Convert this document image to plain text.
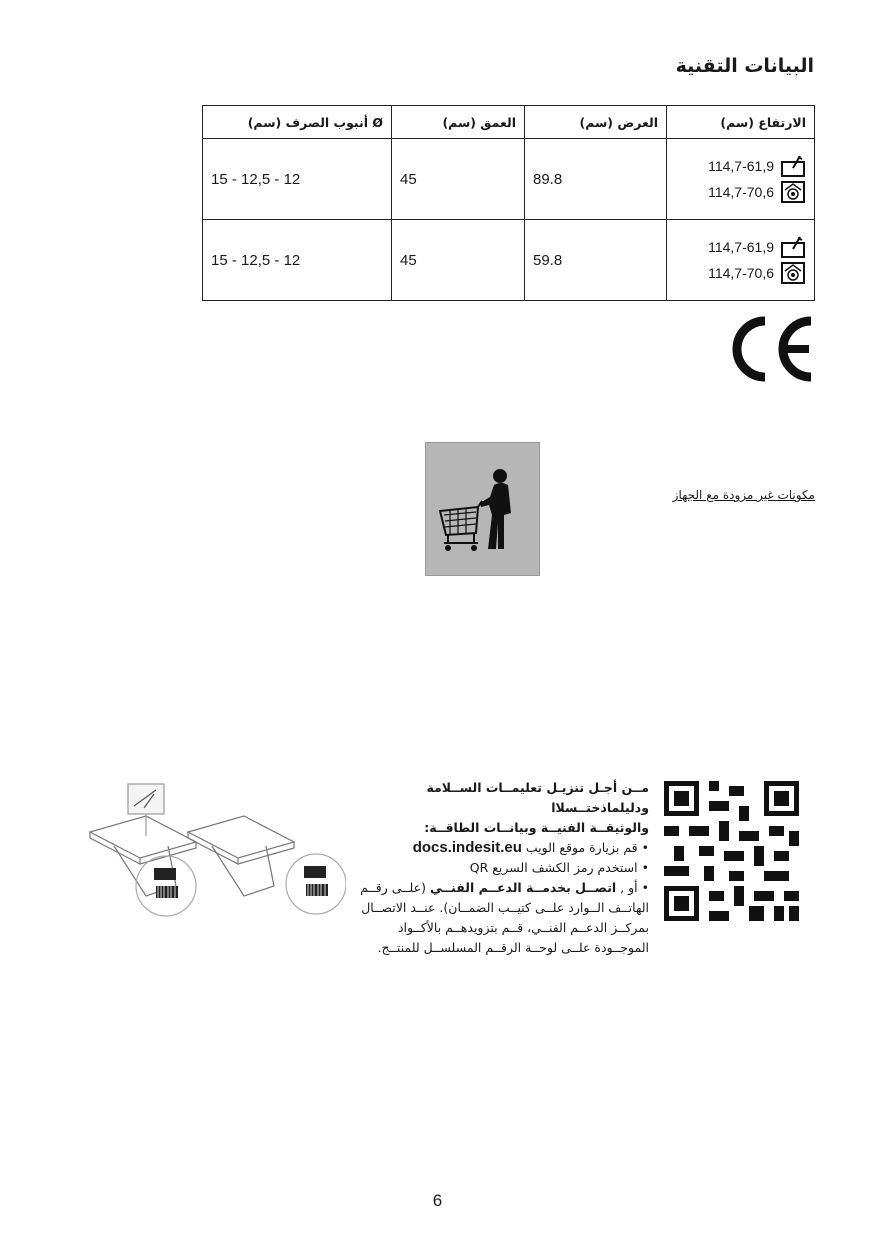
البيانات التقنية
الارتفاع (سم)	العرض (سم)	العمق (سم)	Ø أنبوب الصرف (سم)

114,7-61,9
114,7-70,6	89.8	45	12 - 12,5 - 15

114,7-61,9
114,7-70,6	59.8	45	12 - 12,5 - 15
مكونات غير مزودة مع الجهاز
مــن أجـل تنزيـل تعليمــات الســلامة ودليلماذختــسلاا
والوثيقــة الفنيــة وبيانــات الطاقــة:
• قم بزيارة موقع الويب docs.indesit.eu
• استخدم رمز الكشف السريع QR
• أو , اتصــل بخدمــة الدعــم الفنــي (علــى رقــم الهاتــف الــوارد علــى كتيــب الضمــان). عنــد الاتصــال بمركــز الدعــم الفنــي، قــم بتزويدهــم بالأكــواد الموجــودة علــى لوحــة الرقــم المسلســل للمنتــج.
6
